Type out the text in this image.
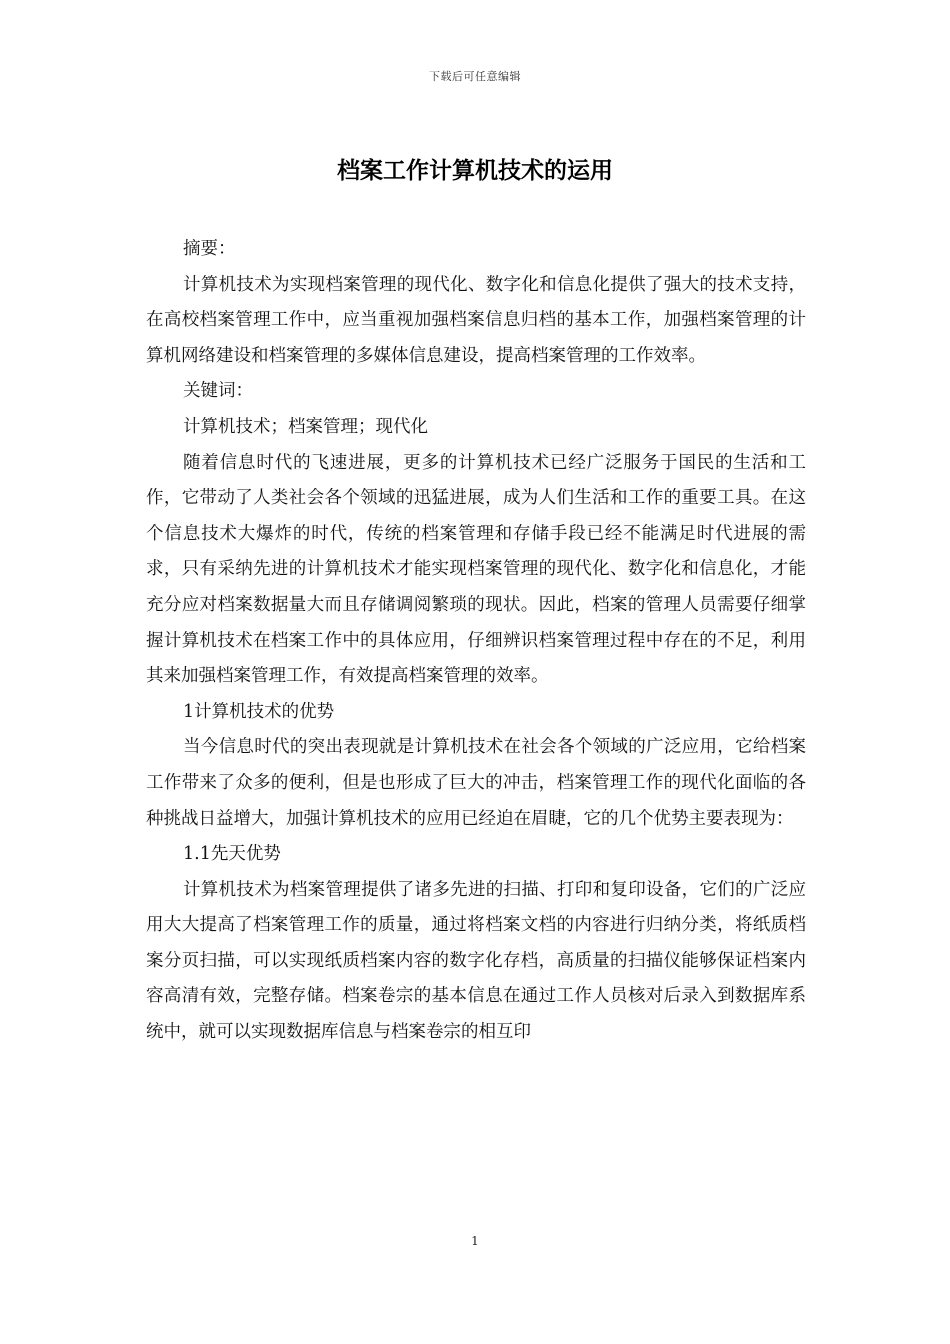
下载后可任意编辑
档案工作计算机技术的运用

摘要：

计算机技术为实现档案管理的现代化、数字化和信息化提供了强大的技术支持，在高校档案管理工作中，应当重视加强档案信息归档的基本工作，加强档案管理的计算机网络建设和档案管理的多媒体信息建设，提高档案管理的工作效率。

关键词：

计算机技术；档案管理；现代化

随着信息时代的飞速进展，更多的计算机技术已经广泛服务于国民的生活和工作，它带动了人类社会各个领域的迅猛进展，成为人们生活和工作的重要工具。在这个信息技术大爆炸的时代，传统的档案管理和存储手段已经不能满足时代进展的需求，只有采纳先进的计算机技术才能实现档案管理的现代化、数字化和信息化，才能充分应对档案数据量大而且存储调阅繁琐的现状。因此，档案的管理人员需要仔细掌握计算机技术在档案工作中的具体应用，仔细辨识档案管理过程中存在的不足，利用其来加强档案管理工作，有效提高档案管理的效率。

1计算机技术的优势

当今信息时代的突出表现就是计算机技术在社会各个领域的广泛应用，它给档案工作带来了众多的便利，但是也形成了巨大的冲击，档案管理工作的现代化面临的各种挑战日益增大，加强计算机技术的应用已经迫在眉睫，它的几个优势主要表现为：

1.1先天优势

计算机技术为档案管理提供了诸多先进的扫描、打印和复印设备，它们的广泛应用大大提高了档案管理工作的质量，通过将档案文档的内容进行归纳分类，将纸质档案分页扫描，可以实现纸质档案内容的数字化存档，高质量的扫描仪能够保证档案内容高清有效，完整存储。档案卷宗的基本信息在通过工作人员核对后录入到数据库系统中，就可以实现数据库信息与档案卷宗的相互印

1
